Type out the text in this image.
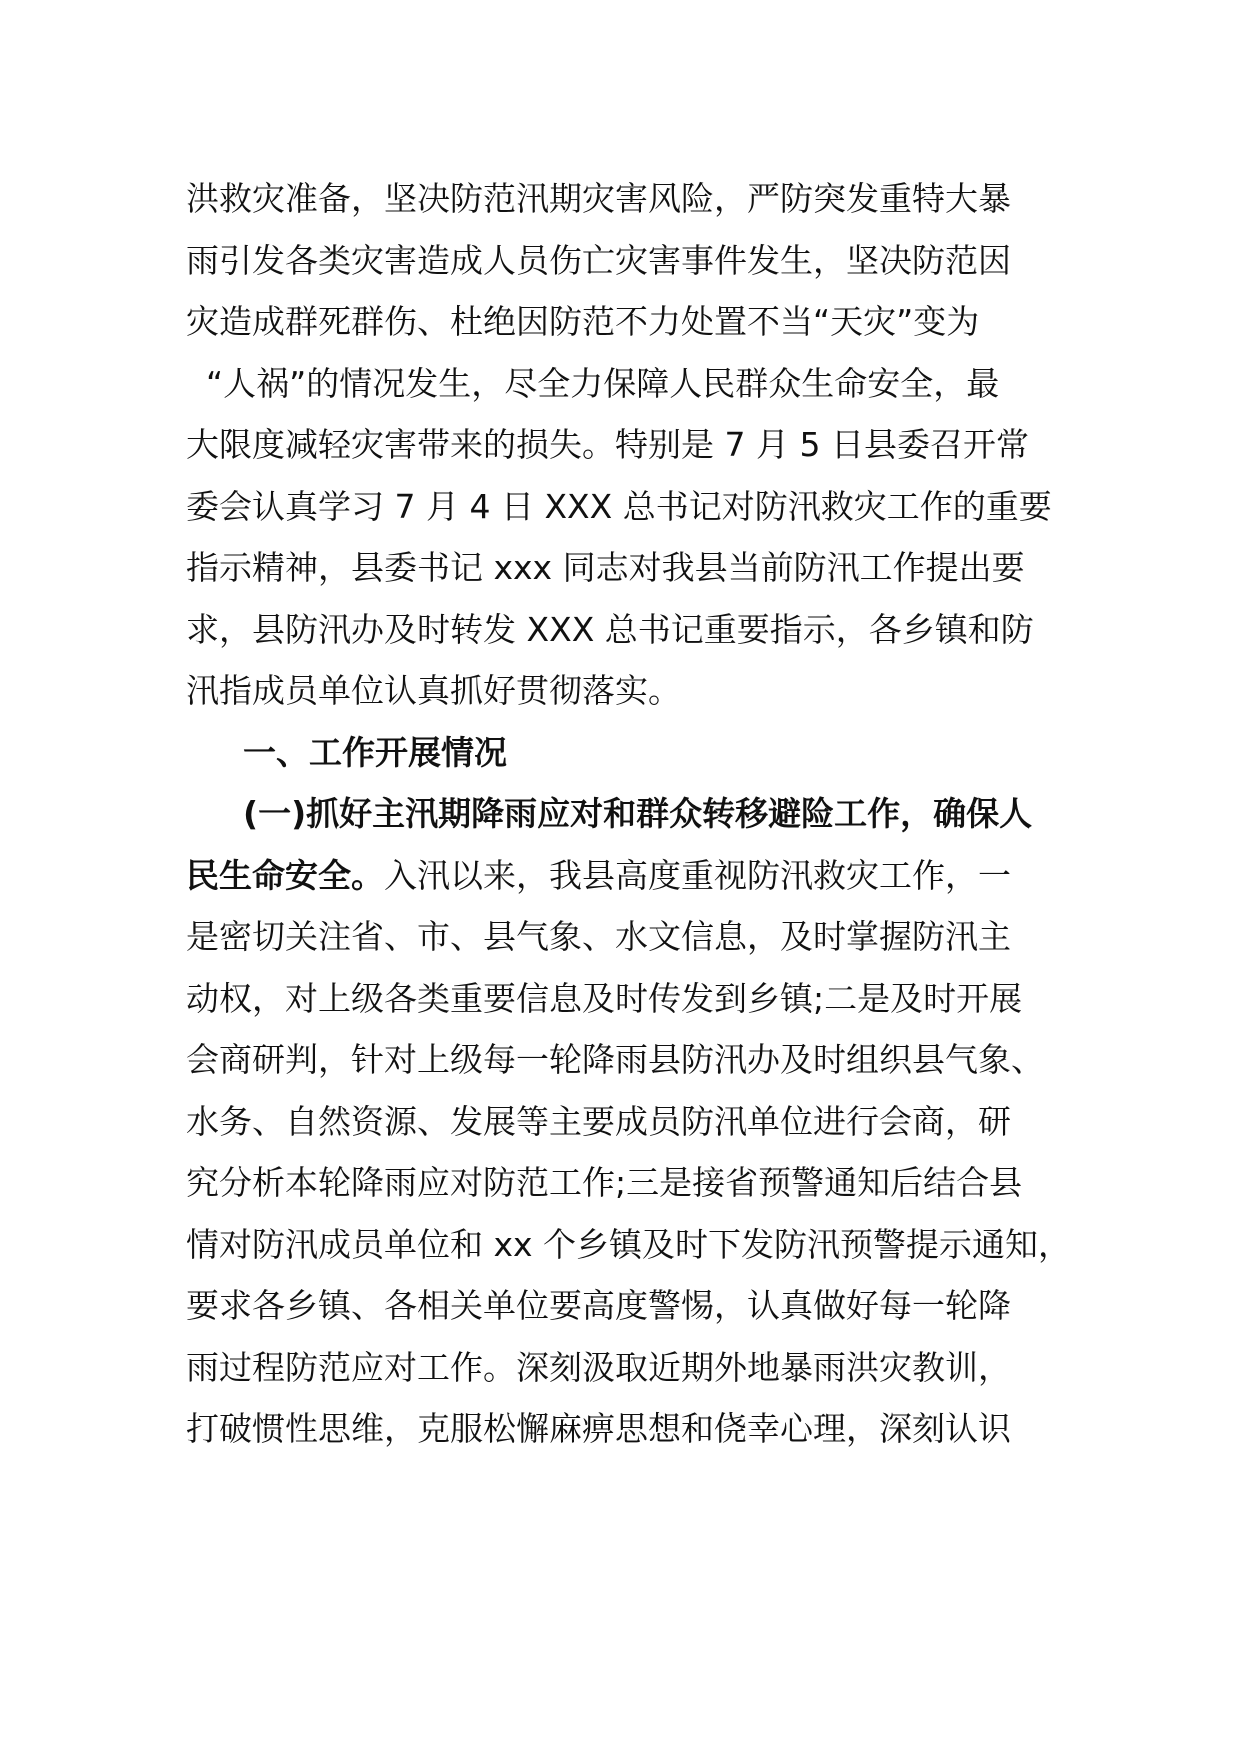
洪救灾准备，坚决防范汛期灾害风险，严防突发重特大暴
雨引发各类灾害造成人员伤亡灾害事件发生，坚决防范因
灾造成群死群伤、杜绝因防范不力处置不当“天灾”变为
“人祸”的情况发生，尽全力保障人民群众生命安全，最
大限度减轻灾害带来的损失。特别是 7 月 5 日县委召开常
委会认真学习 7 月 4 日 XXX 总书记对防汛救灾工作的重要
指示精神，县委书记 xxx 同志对我县当前防汛工作提出要
求，县防汛办及时转发 XXX 总书记重要指示，各乡镇和防
汛指成员单位认真抓好贯彻落实。
一、工作开展情况
(一)抓好主汛期降雨应对和群众转移避险工作，确保人
民生命安全。入汛以来，我县高度重视防汛救灾工作，一
是密切关注省、市、县气象、水文信息，及时掌握防汛主
动权，对上级各类重要信息及时传发到乡镇;二是及时开展
会商研判，针对上级每一轮降雨县防汛办及时组织县气象、
水务、自然资源、发展等主要成员防汛单位进行会商，研
究分析本轮降雨应对防范工作;三是接省预警通知后结合县
情对防汛成员单位和 xx 个乡镇及时下发防汛预警提示通知，
要求各乡镇、各相关单位要高度警惕，认真做好每一轮降
雨过程防范应对工作。深刻汲取近期外地暴雨洪灾教训，
打破惯性思维，克服松懈麻痹思想和侥幸心理，深刻认识
